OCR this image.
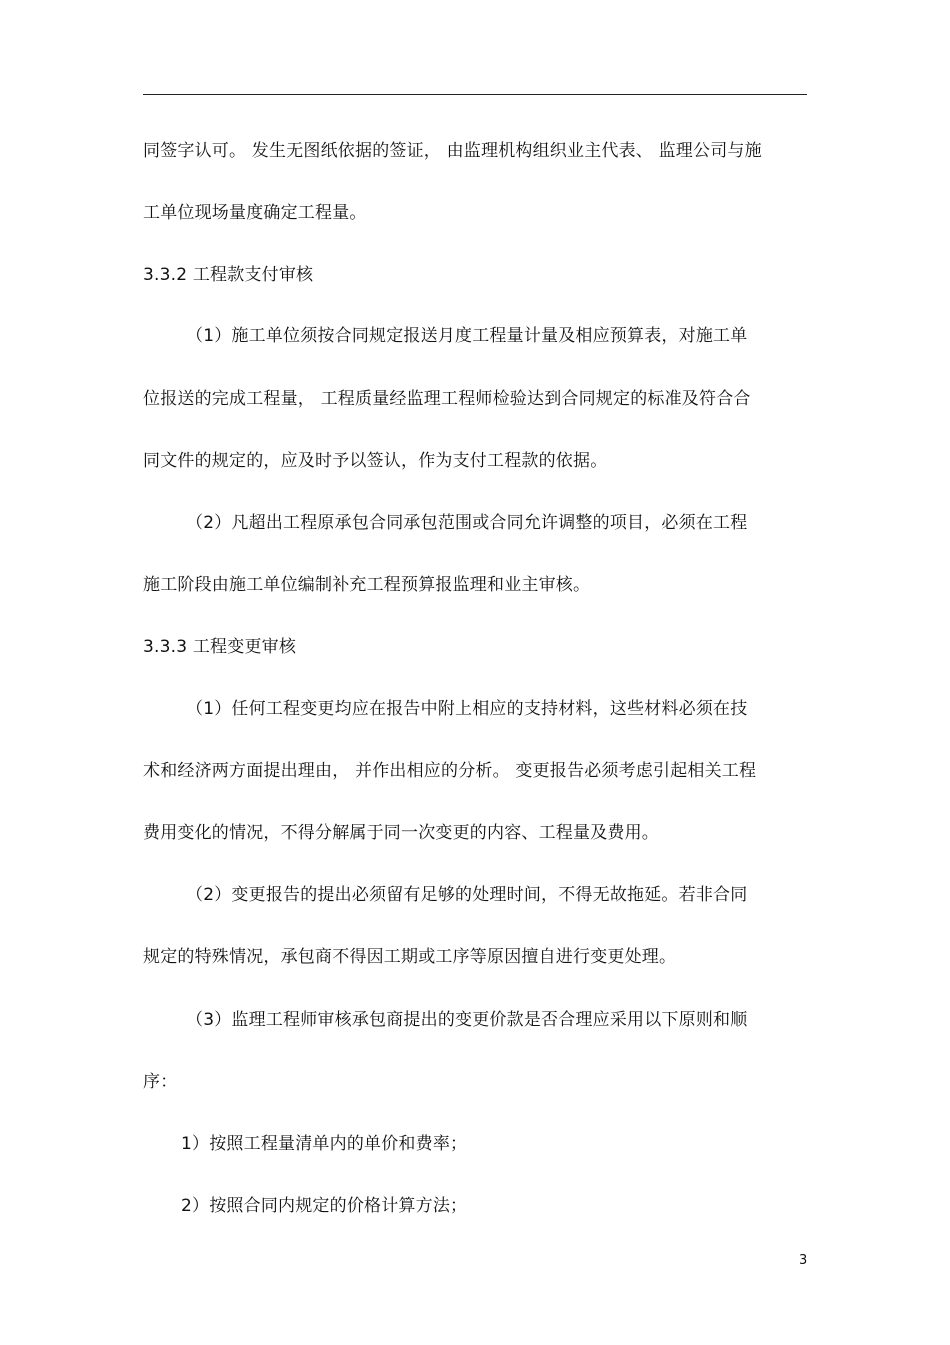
同签字认可。 发生无图纸依据的签证， 由监理机构组织业主代表、 监理公司与施
工单位现场量度确定工程量。
3.3.2 工程款支付审核
（1）施工单位须按合同规定报送月度工程量计量及相应预算表，对施工单
位报送的完成工程量， 工程质量经监理工程师检验达到合同规定的标准及符合合
同文件的规定的，应及时予以签认，作为支付工程款的依据。
（2）凡超出工程原承包合同承包范围或合同允许调整的项目，必须在工程
施工阶段由施工单位编制补充工程预算报监理和业主审核。
3.3.3 工程变更审核
（1）任何工程变更均应在报告中附上相应的支持材料，这些材料必须在技
术和经济两方面提出理由， 并作出相应的分析。 变更报告必须考虑引起相关工程
费用变化的情况，不得分解属于同一次变更的内容、工程量及费用。
（2）变更报告的提出必须留有足够的处理时间，不得无故拖延。若非合同
规定的特殊情况，承包商不得因工期或工序等原因擅自进行变更处理。
（3）监理工程师审核承包商提出的变更价款是否合理应采用以下原则和顺
序：
1）按照工程量清单内的单价和费率；
2）按照合同内规定的价格计算方法；
3
